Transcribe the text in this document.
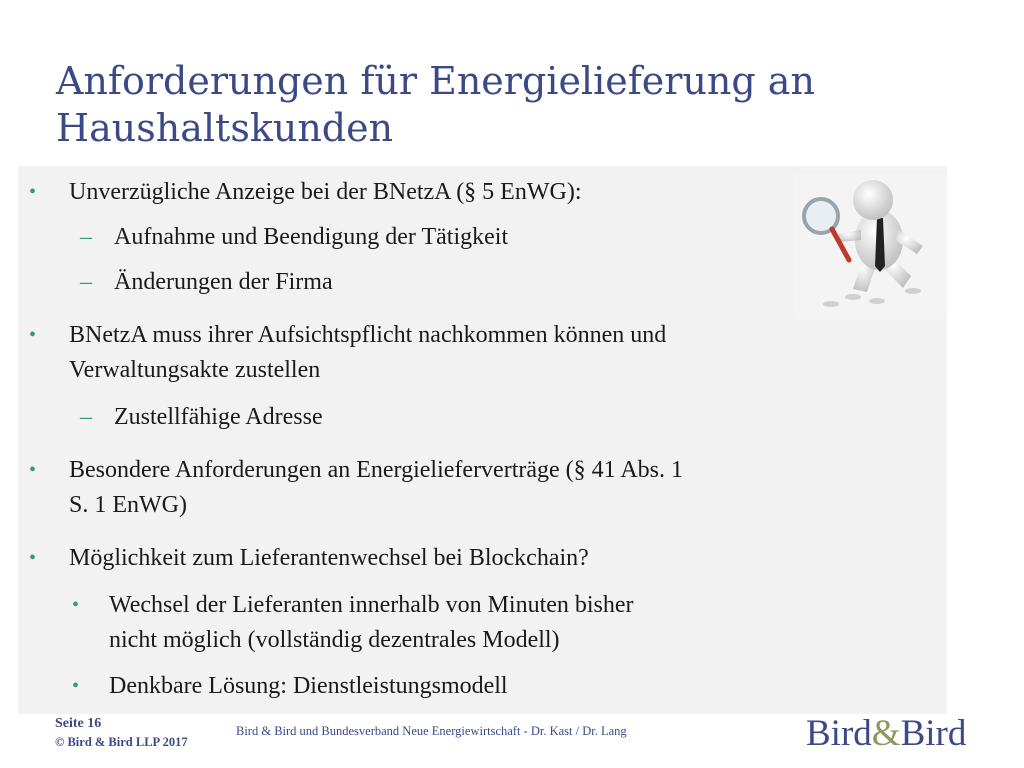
Anforderungen für Energielieferung an
Haushaltskunden
• Unverzügliche Anzeige bei der BNetzA (§ 5 EnWG):
– Aufnahme und Beendigung der Tätigkeit
– Änderungen der Firma
• BNetzA muss ihrer Aufsichtspflicht nachkommen können und
Verwaltungsakte zustellen
– Zustellfähige Adresse
• Besondere Anforderungen an Energielieferverträge (§ 41 Abs. 1
S. 1 EnWG)
• Möglichkeit zum Lieferantenwechsel bei Blockchain?
• Wechsel der Lieferanten innerhalb von Minuten bisher
nicht möglich (vollständig dezentrales Modell)
• Denkbare Lösung: Dienstleistungsmodell
Seite 16
© Bird & Bird LLP 2017
Bird & Bird und Bundesverband Neue Energiewirtschaft - Dr. Kast / Dr. Lang	Bird&Bird
